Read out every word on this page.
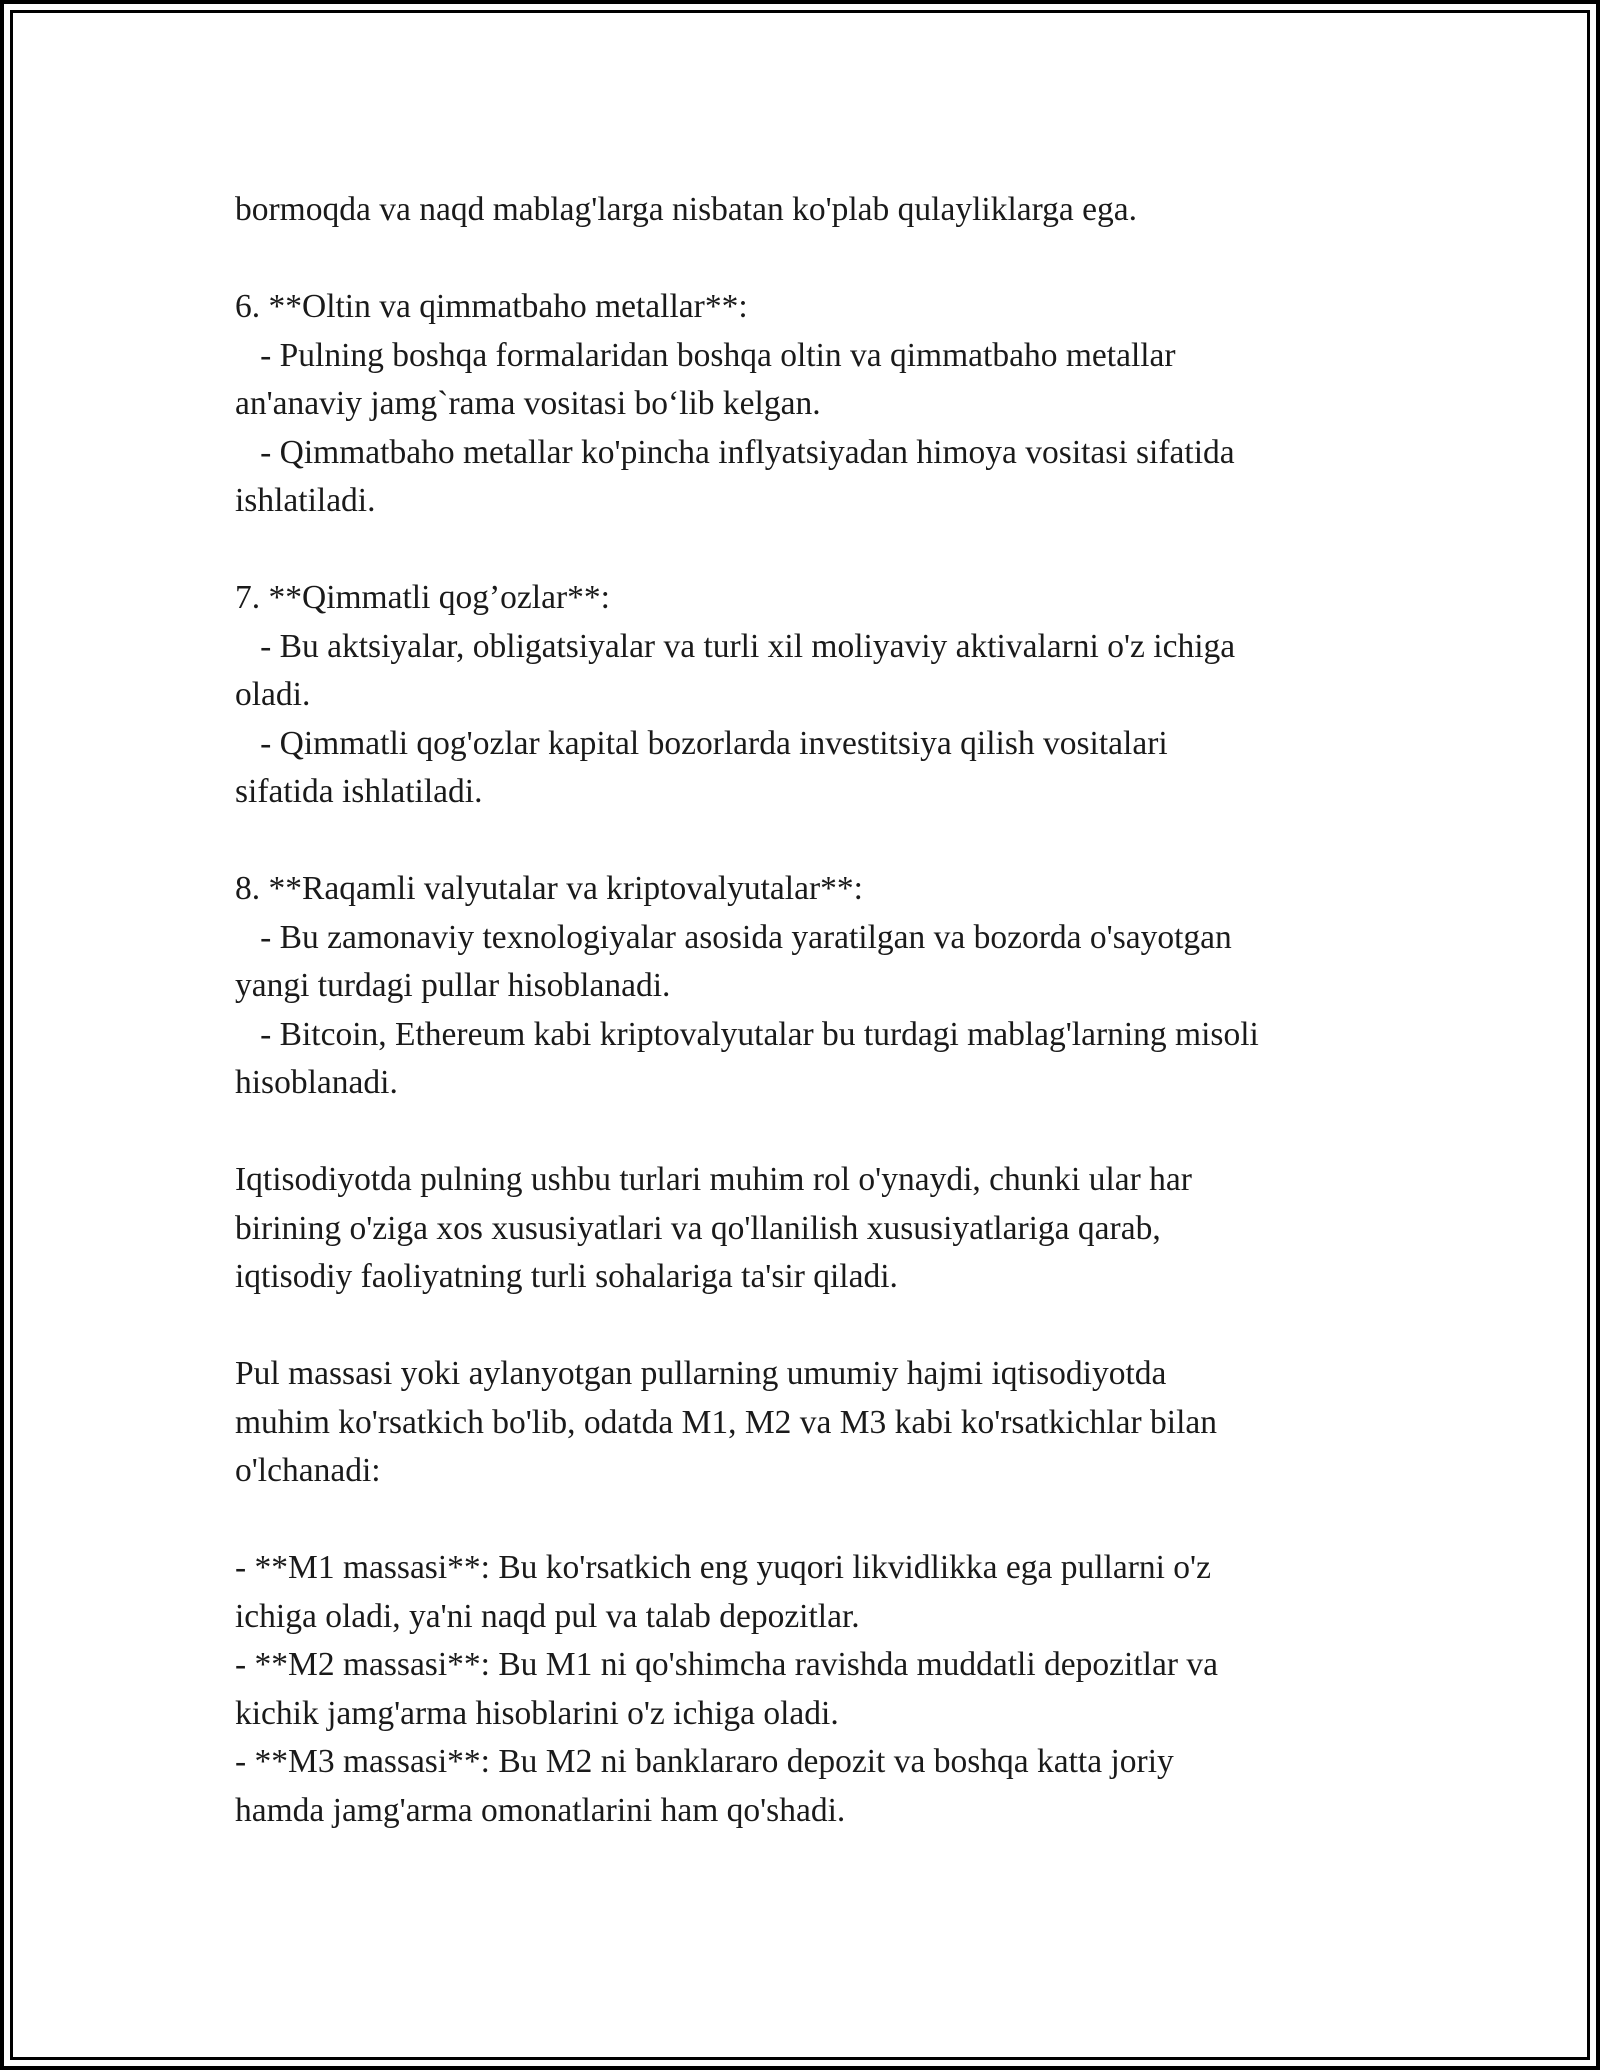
bormoqda va naqd mablag'larga nisbatan ko'plab qulayliklarga ega.
6. **Oltin va qimmatbaho metallar**:
- Pulning boshqa formalaridan boshqa oltin va qimmatbaho metallar
an'anaviy jamg`rama vositasi bo‘lib kelgan.
- Qimmatbaho metallar ko'pincha inflyatsiyadan himoya vositasi sifatida
ishlatiladi.
7. **Qimmatli qog’ozlar**:
- Bu aktsiyalar, obligatsiyalar va turli xil moliyaviy aktivalarni o'z ichiga
oladi.
- Qimmatli qog'ozlar kapital bozorlarda investitsiya qilish vositalari
sifatida ishlatiladi.
8. **Raqamli valyutalar va kriptovalyutalar**:
- Bu zamonaviy texnologiyalar asosida yaratilgan va bozorda o'sayotgan
yangi turdagi pullar hisoblanadi.
- Bitcoin, Ethereum kabi kriptovalyutalar bu turdagi mablag'larning misoli
hisoblanadi.
Iqtisodiyotda pulning ushbu turlari muhim rol o'ynaydi, chunki ular har
birining o'ziga xos xususiyatlari va qo'llanilish xususiyatlariga qarab,
iqtisodiy faoliyatning turli sohalariga ta'sir qiladi.
Pul massasi yoki aylanyotgan pullarning umumiy hajmi iqtisodiyotda
muhim ko'rsatkich bo'lib, odatda M1, M2 va M3 kabi ko'rsatkichlar bilan
o'lchanadi:
- **M1 massasi**: Bu ko'rsatkich eng yuqori likvidlikka ega pullarni o'z
ichiga oladi, ya'ni naqd pul va talab depozitlar.
- **M2 massasi**: Bu M1 ni qo'shimcha ravishda muddatli depozitlar va
kichik jamg'arma hisoblarini o'z ichiga oladi.
- **M3 massasi**: Bu M2 ni banklararo depozit va boshqa katta joriy
hamda jamg'arma omonatlarini ham qo'shadi.
